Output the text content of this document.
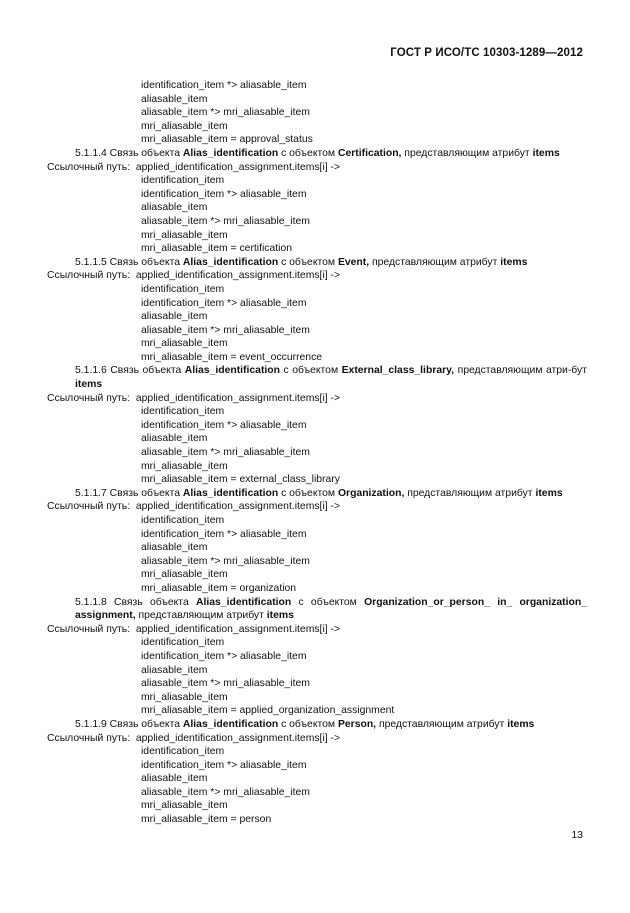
ГОСТ Р ИСО/ТС 10303-1289—2012
identification_item *> aliasable_item
aliasable_item
aliasable_item *> mri_aliasable_item
mri_aliasable_item
mri_aliasable_item = approval_status
5.1.1.4 Связь объекта Alias_identification с объектом Certification, представляющим атрибут items
Ссылочный путь: applied_identification_assignment.items[i] ->
identification_item
identification_item *> aliasable_item
aliasable_item
aliasable_item *> mri_aliasable_item
mri_aliasable_item
mri_aliasable_item = certification
5.1.1.5 Связь объекта Alias_identification с объектом Event, представляющим атрибут items
Ссылочный путь: applied_identification_assignment.items[i] ->
identification_item
identification_item *> aliasable_item
aliasable_item
aliasable_item *> mri_aliasable_item
mri_aliasable_item
mri_aliasable_item = event_occurrence
5.1.1.6 Связь объекта Alias_identification с объектом External_class_library, представляющим атри-бут items
Ссылочный путь: applied_identification_assignment.items[i] ->
identification_item
identification_item *> aliasable_item
aliasable_item
aliasable_item *> mri_aliasable_item
mri_aliasable_item
mri_aliasable_item = external_class_library
5.1.1.7 Связь объекта Alias_identification с объектом Organization, представляющим атрибут items
Ссылочный путь: applied_identification_assignment.items[i] ->
identification_item
identification_item *> aliasable_item
aliasable_item
aliasable_item *> mri_aliasable_item
mri_aliasable_item
mri_aliasable_item = organization
5.1.1.8 Связь объекта Alias_identification с объектом Organization_or_person_ in_ organization_ assignment, представляющим атрибут items
Ссылочный путь: applied_identification_assignment.items[i] ->
identification_item
identification_item *> aliasable_item
aliasable_item
aliasable_item *> mri_aliasable_item
mri_aliasable_item
mri_aliasable_item = applied_organization_assignment
5.1.1.9 Связь объекта Alias_identification с объектом Person, представляющим атрибут items
Ссылочный путь: applied_identification_assignment.items[i] ->
identification_item
identification_item *> aliasable_item
aliasable_item
aliasable_item *> mri_aliasable_item
mri_aliasable_item
mri_aliasable_item = person
13
